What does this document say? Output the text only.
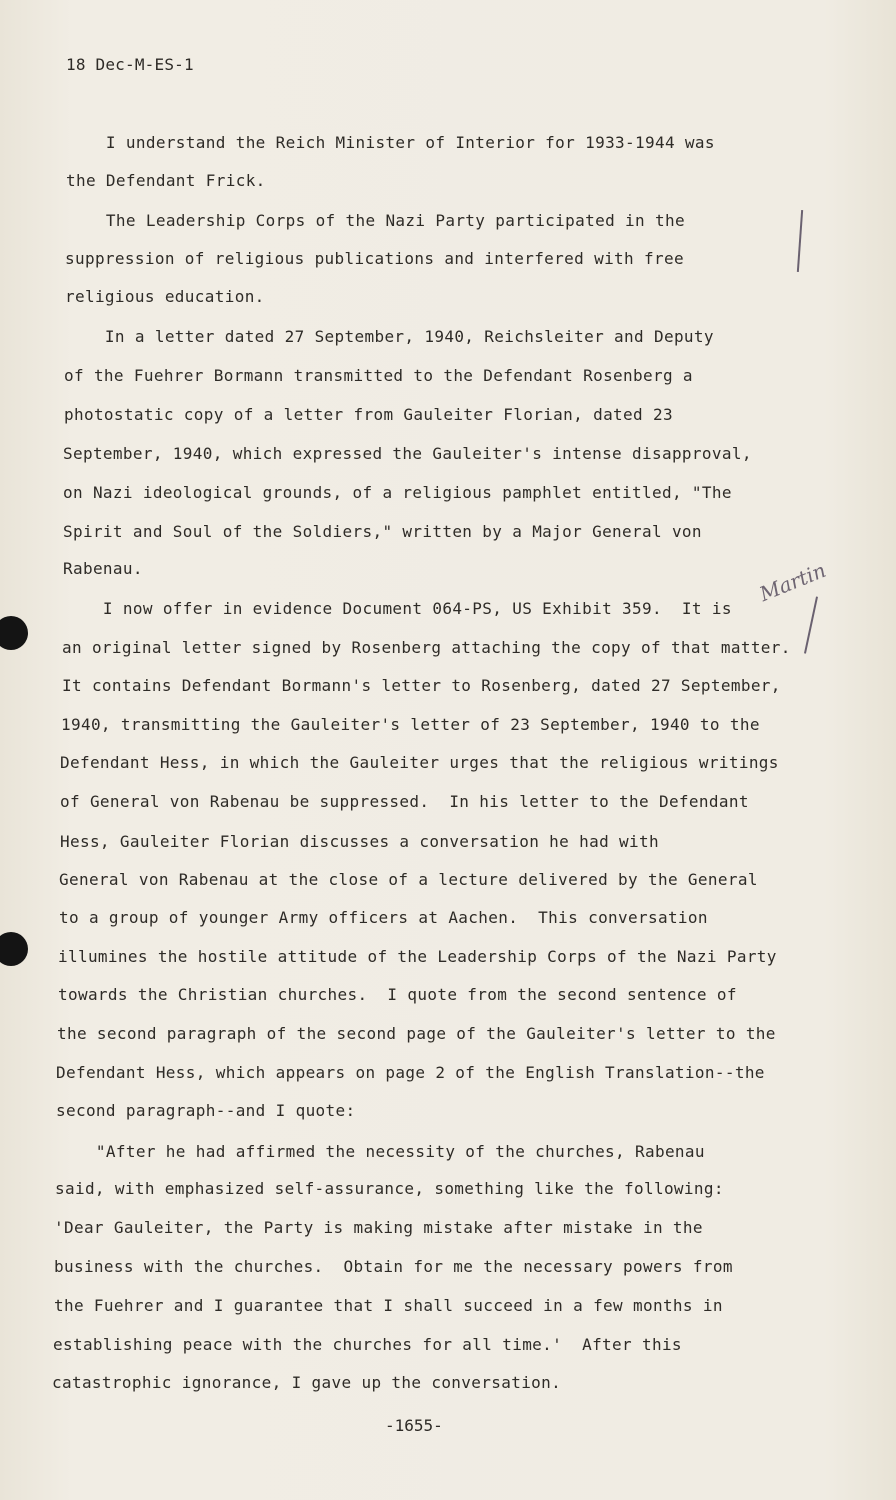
18 Dec-M-ES-1
I understand the Reich Minister of Interior for 1933-1944 was
the Defendant Frick.
The Leadership Corps of the Nazi Party participated in the
suppression of religious publications and interfered with free
religious education.
In a letter dated 27 September, 1940, Reichsleiter and Deputy
of the Fuehrer Bormann transmitted to the Defendant Rosenberg a
photostatic copy of a letter from Gauleiter Florian, dated 23
September, 1940, which expressed the Gauleiter's intense disapproval,
on Nazi ideological grounds, of a religious pamphlet entitled, "The
Spirit and Soul of the Soldiers," written by a Major General von
Rabenau.
I now offer in evidence Document 064-PS, US Exhibit 359.  It is
an original letter signed by Rosenberg attaching the copy of that matter.
It contains Defendant Bormann's letter to Rosenberg, dated 27 September,
1940, transmitting the Gauleiter's letter of 23 September, 1940 to the
Defendant Hess, in which the Gauleiter urges that the religious writings
of General von Rabenau be suppressed.  In his letter to the Defendant
Hess, Gauleiter Florian discusses a conversation he had with
General von Rabenau at the close of a lecture delivered by the General
to a group of younger Army officers at Aachen.  This conversation
illumines the hostile attitude of the Leadership Corps of the Nazi Party
towards the Christian churches.  I quote from the second sentence of
the second paragraph of the second page of the Gauleiter's letter to the
Defendant Hess, which appears on page 2 of the English Translation--the
second paragraph--and I quote:
"After he had affirmed the necessity of the churches, Rabenau
said, with emphasized self-assurance, something like the following:
'Dear Gauleiter, the Party is making mistake after mistake in the
business with the churches.  Obtain for me the necessary powers from
the Fuehrer and I guarantee that I shall succeed in a few months in
establishing peace with the churches for all time.'  After this
catastrophic ignorance, I gave up the conversation.
Martin
-1655-
